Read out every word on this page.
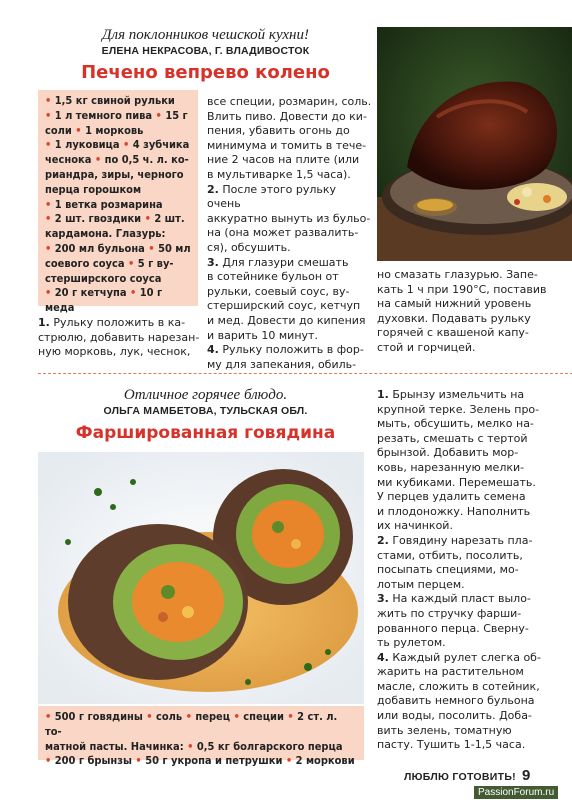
Для поклонников чешской кухни!
ЕЛЕНА НЕКРАСОВА, Г. ВЛАДИВОСТОК
Печено вепрево колено
• 1,5 кг свиной рульки
• 1 л темного пива • 15 г
соли • 1 морковь
• 1 луковица • 4 зубчика
чеснока • по 0,5 ч. л. ко-
риандра, зиры, черного
перца горошком
• 1 ветка розмарина
• 2 шт. гвоздики • 2 шт.
кардамона. Глазурь:
• 200 мл бульона • 50 мл
соевого соуса • 5 г ву-
стерширского соуса
• 20 г кетчупа • 10 г меда
1. Рульку положить в ка-
стрюлю, добавить нарезан-
ную морковь, лук, чеснок,
все специи, розмарин, соль.
Влить пиво. Довести до ки-
пения, убавить огонь до
минимума и томить в тече-
ние 2 часов на плите (или
в мультиварке 1,5 часа).
2. После этого рульку очень
аккуратно вынуть из бульо-
на (она может развалить-
ся), обсушить.
3. Для глазури смешать
в сотейнике бульон от
рульки, соевый соус, ву-
стерширский соус, кетчуп
и мед. Довести до кипения
и варить 10 минут.
4. Рульку положить в фор-
му для запекания, обиль-
но смазать глазурью. Запе-
кать 1 ч при 190°С, поставив
на самый нижний уровень
духовки. Подавать рульку
горячей с квашеной капу-
стой и горчицей.
Отличное горячее блюдо.
ОЛЬГА МАМБЕТОВА, ТУЛЬСКАЯ ОБЛ.
Фаршированная говядина
• 500 г говядины • соль • перец • специи • 2 ст. л. то-
матной пасты. Начинка: • 0,5 кг болгарского перца
• 200 г брынзы • 50 г укропа и петрушки • 2 моркови
1. Брынзу измельчить на
крупной терке. Зелень про-
мыть, обсушить, мелко на-
резать, смешать с тертой
брынзой. Добавить мор-
ковь, нарезанную мелки-
ми кубиками. Перемешать.
У перцев удалить семена
и плодоножку. Наполнить
их начинкой.
2. Говядину нарезать пла-
стами, отбить, посолить,
посыпать специями, мо-
лотым перцем.
3. На каждый пласт выло-
жить по стручку фарши-
рованного перца. Сверну-
ть рулетом.
4. Каждый рулет слегка об-
жарить на растительном
масле, сложить в сотейник,
добавить немного бульона
или воды, посолить. Доба-
вить зелень, томатную
пасту. Тушить 1-1,5 часа.
ЛЮБЛЮ ГОТОВИТЬ! 9
PassionForum.ru
